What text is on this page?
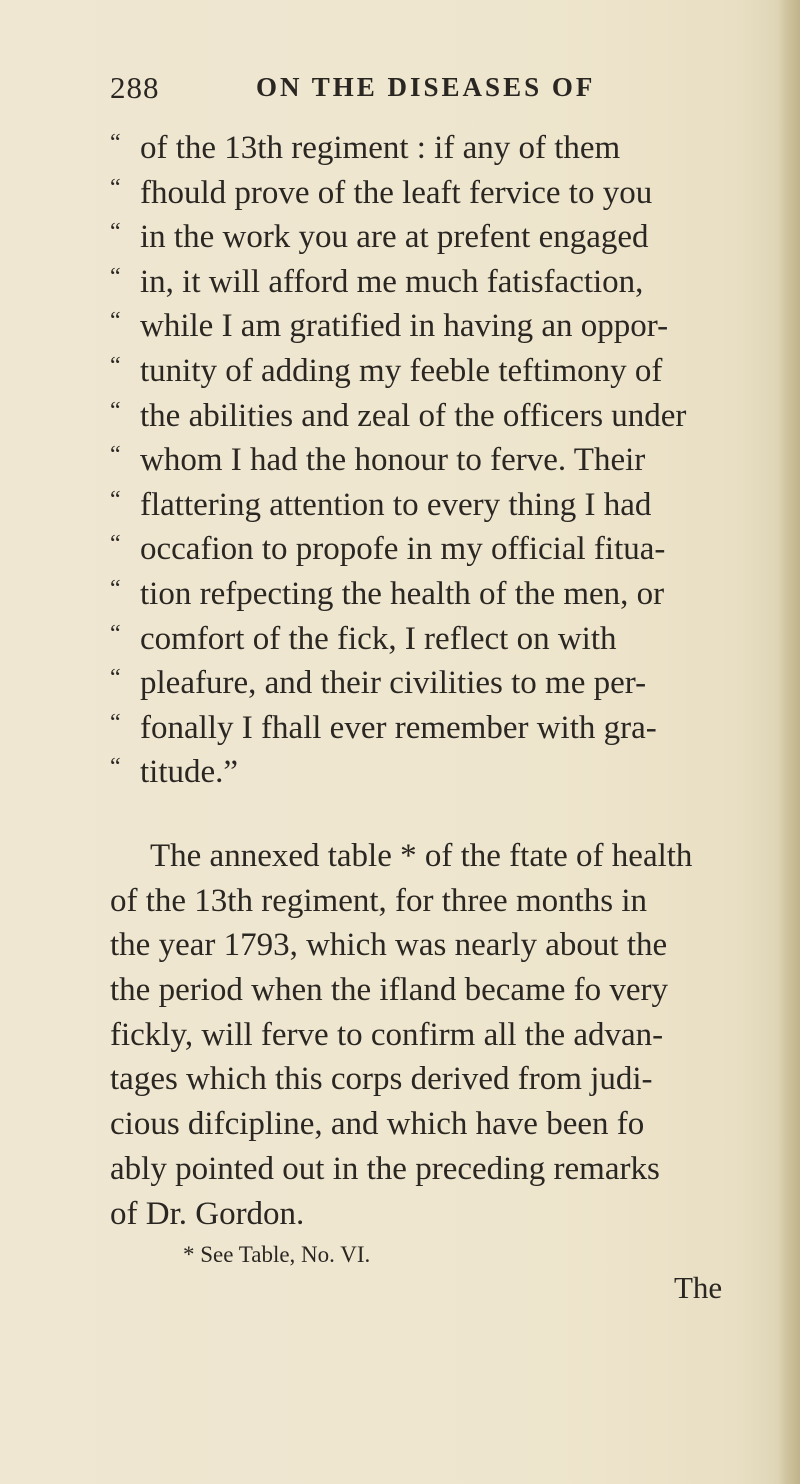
288	ON THE DISEASES OF
“ of the 13th regiment : if any of them
“ fhould prove of the leaft fervice to you
“ in the work you are at prefent engaged
“ in, it will afford me much fatisfaction,
“ while I am gratified in having an oppor-
“ tunity of adding my feeble teftimony of
“ the abilities and zeal of the officers under
“ whom I had the honour to ferve. Their
“ flattering attention to every thing I had
“ occafion to propofe in my official fitua-
“ tion refpecting the health of the men, or
“ comfort of the fick, I reflect on with
“ pleafure, and their civilities to me per-
“ fonally I fhall ever remember with gra-
“ titude.”
The annexed table * of the ftate of health
of the 13th regiment, for three months in
the year 1793, which was nearly about the
the period when the ifland became fo very
fickly, will ferve to confirm all the advan-
tages which this corps derived from judi-
cious difcipline, and which have been fo
ably pointed out in the preceding remarks
of Dr. Gordon.
* See Table, No. VI.
The
